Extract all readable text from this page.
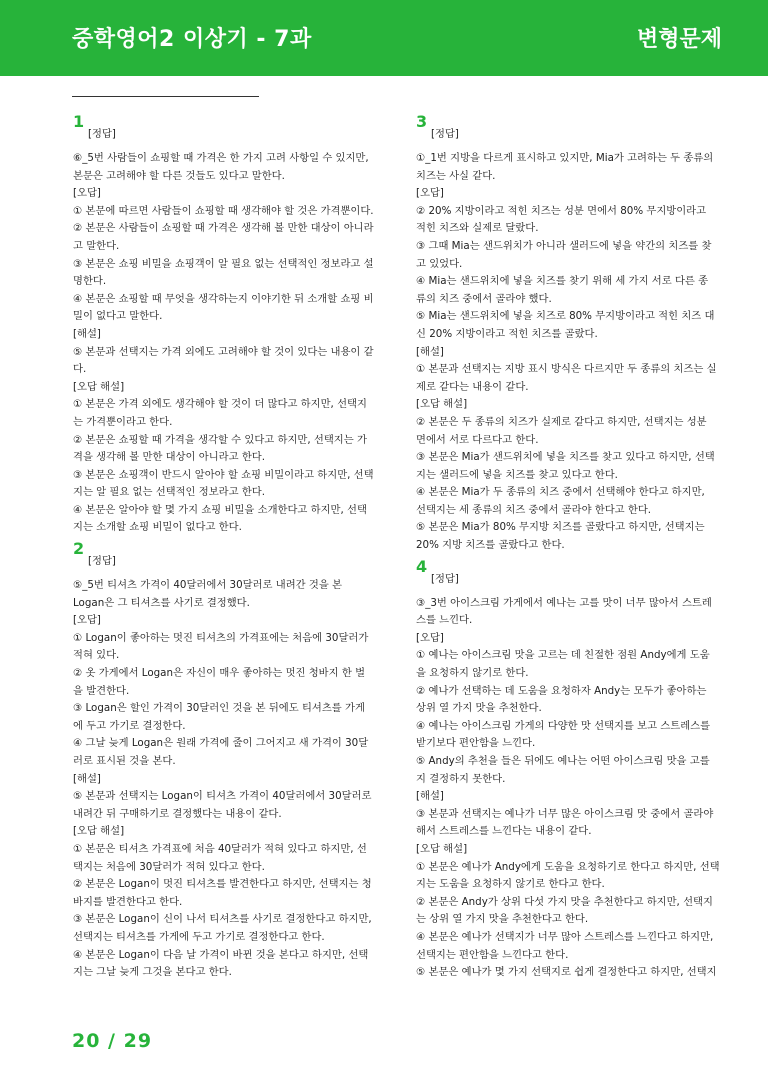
중학영어2 이상기 - 7과	변형문제
1
[정답]
⑥_5번 사람들이 쇼핑할 때 가격은 한 가지 고려 사항일 수 있지만,
본문은 고려해야 할 다른 것들도 있다고 말한다.
[오답]
① 본문에 따르면 사람들이 쇼핑할 때 생각해야 할 것은 가격뿐이다.
② 본문은 사람들이 쇼핑할 때 가격은 생각해 볼 만한 대상이 아니라
고 말한다.
③ 본문은 쇼핑 비밀을 쇼핑객이 알 필요 없는 선택적인 정보라고 설
명한다.
④ 본문은 쇼핑할 때 무엇을 생각하는지 이야기한 뒤 소개할 쇼핑 비
밀이 없다고 말한다.
[해설]
⑤ 본문과 선택지는 가격 외에도 고려해야 할 것이 있다는 내용이 같
다.
[오답 해설]
① 본문은 가격 외에도 생각해야 할 것이 더 많다고 하지만, 선택지
는 가격뿐이라고 한다.
② 본문은 쇼핑할 때 가격을 생각할 수 있다고 하지만, 선택지는 가
격을 생각해 볼 만한 대상이 아니라고 한다.
③ 본문은 쇼핑객이 반드시 알아야 할 쇼핑 비밀이라고 하지만, 선택
지는 알 필요 없는 선택적인 정보라고 한다.
④ 본문은 알아야 할 몇 가지 쇼핑 비밀을 소개한다고 하지만, 선택
지는 소개할 쇼핑 비밀이 없다고 한다.
2
[정답]
⑤_5번 티셔츠 가격이 40달러에서 30달러로 내려간 것을 본
Logan은 그 티셔츠를 사기로 결정했다.
[오답]
① Logan이 좋아하는 멋진 티셔츠의 가격표에는 처음에 30달러가
적혀 있다.
② 옷 가게에서 Logan은 자신이 매우 좋아하는 멋진 청바지 한 벌
을 발견한다.
③ Logan은 할인 가격이 30달러인 것을 본 뒤에도 티셔츠를 가게
에 두고 가기로 결정한다.
④ 그날 늦게 Logan은 원래 가격에 줄이 그어지고 새 가격이 30달
러로 표시된 것을 본다.
[해설]
⑤ 본문과 선택지는 Logan이 티셔츠 가격이 40달러에서 30달러로
내려간 뒤 구매하기로 결정했다는 내용이 같다.
[오답 해설]
① 본문은 티셔츠 가격표에 처음 40달러가 적혀 있다고 하지만, 선
택지는 처음에 30달러가 적혀 있다고 한다.
② 본문은 Logan이 멋진 티셔츠를 발견한다고 하지만, 선택지는 청
바지를 발견한다고 한다.
③ 본문은 Logan이 신이 나서 티셔츠를 사기로 결정한다고 하지만,
선택지는 티셔츠를 가게에 두고 가기로 결정한다고 한다.
④ 본문은 Logan이 다음 날 가격이 바뀐 것을 본다고 하지만, 선택
지는 그날 늦게 그것을 본다고 한다.
3
[정답]
①_1번 지방을 다르게 표시하고 있지만, Mia가 고려하는 두 종류의
치즈는 사실 같다.
[오답]
② 20% 지방이라고 적힌 치즈는 성분 면에서 80% 무지방이라고
적힌 치즈와 실제로 달랐다.
③ 그때 Mia는 샌드위치가 아니라 샐러드에 넣을 약간의 치즈를 찾
고 있었다.
④ Mia는 샌드위치에 넣을 치즈를 찾기 위해 세 가지 서로 다른 종
류의 치즈 중에서 골라야 했다.
⑤ Mia는 샌드위치에 넣을 치즈로 80% 무지방이라고 적힌 치즈 대
신 20% 지방이라고 적힌 치즈를 골랐다.
[해설]
① 본문과 선택지는 지방 표시 방식은 다르지만 두 종류의 치즈는 실
제로 같다는 내용이 같다.
[오답 해설]
② 본문은 두 종류의 치즈가 실제로 같다고 하지만, 선택지는 성분
면에서 서로 다르다고 한다.
③ 본문은 Mia가 샌드위치에 넣을 치즈를 찾고 있다고 하지만, 선택
지는 샐러드에 넣을 치즈를 찾고 있다고 한다.
④ 본문은 Mia가 두 종류의 치즈 중에서 선택해야 한다고 하지만,
선택지는 세 종류의 치즈 중에서 골라야 한다고 한다.
⑤ 본문은 Mia가 80% 무지방 치즈를 골랐다고 하지만, 선택지는
20% 지방 치즈를 골랐다고 한다.
4
[정답]
③_3번 아이스크림 가게에서 예나는 고를 맛이 너무 많아서 스트레
스를 느낀다.
[오답]
① 예나는 아이스크림 맛을 고르는 데 친절한 점원 Andy에게 도움
을 요청하지 않기로 한다.
② 예나가 선택하는 데 도움을 요청하자 Andy는 모두가 좋아하는
상위 열 가지 맛을 추천한다.
④ 예나는 아이스크림 가게의 다양한 맛 선택지를 보고 스트레스를
받기보다 편안함을 느낀다.
⑤ Andy의 추천을 들은 뒤에도 예나는 어떤 아이스크림 맛을 고를
지 결정하지 못한다.
[해설]
③ 본문과 선택지는 예나가 너무 많은 아이스크림 맛 중에서 골라야
해서 스트레스를 느낀다는 내용이 같다.
[오답 해설]
① 본문은 예나가 Andy에게 도움을 요청하기로 한다고 하지만, 선택
지는 도움을 요청하지 않기로 한다고 한다.
② 본문은 Andy가 상위 다섯 가지 맛을 추천한다고 하지만, 선택지
는 상위 열 가지 맛을 추천한다고 한다.
④ 본문은 예나가 선택지가 너무 많아 스트레스를 느낀다고 하지만,
선택지는 편안함을 느낀다고 한다.
⑤ 본문은 예나가 몇 가지 선택지로 쉽게 결정한다고 하지만, 선택지
20 / 29
